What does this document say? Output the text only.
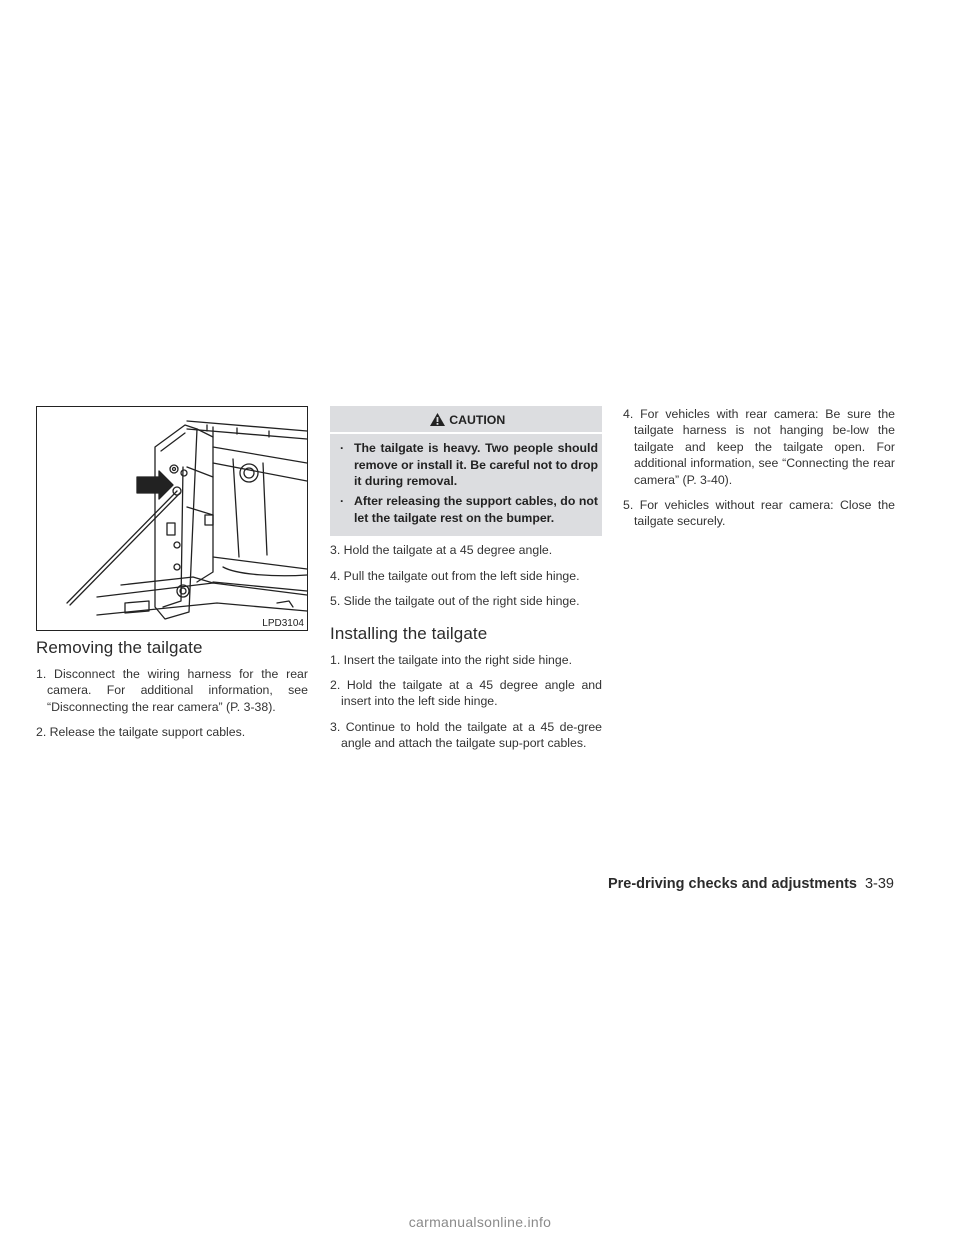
LPD3104
Removing the tailgate
1. Disconnect the wiring harness for the rear camera. For additional information, see “Disconnecting the rear camera” (P. 3-38).
2. Release the tailgate support cables.
CAUTION
· The tailgate is heavy. Two people should remove or install it. Be careful not to drop it during removal.
· After releasing the support cables, do not let the tailgate rest on the bumper.
3. Hold the tailgate at a 45 degree angle.
4. Pull the tailgate out from the left side hinge.
5. Slide the tailgate out of the right side hinge.
Installing the tailgate
1. Insert the tailgate into the right side hinge.
2. Hold the tailgate at a 45 degree angle and insert into the left side hinge.
3. Continue to hold the tailgate at a 45 de-gree angle and attach the tailgate sup-port cables.
4. For vehicles with rear camera: Be sure the tailgate harness is not hanging be-low the tailgate and keep the tailgate open. For additional information, see “Connecting the rear camera” (P. 3-40).
5. For vehicles without rear camera: Close the tailgate securely.
Pre-driving checks and adjustments 3-39
carmanualsonline.info
